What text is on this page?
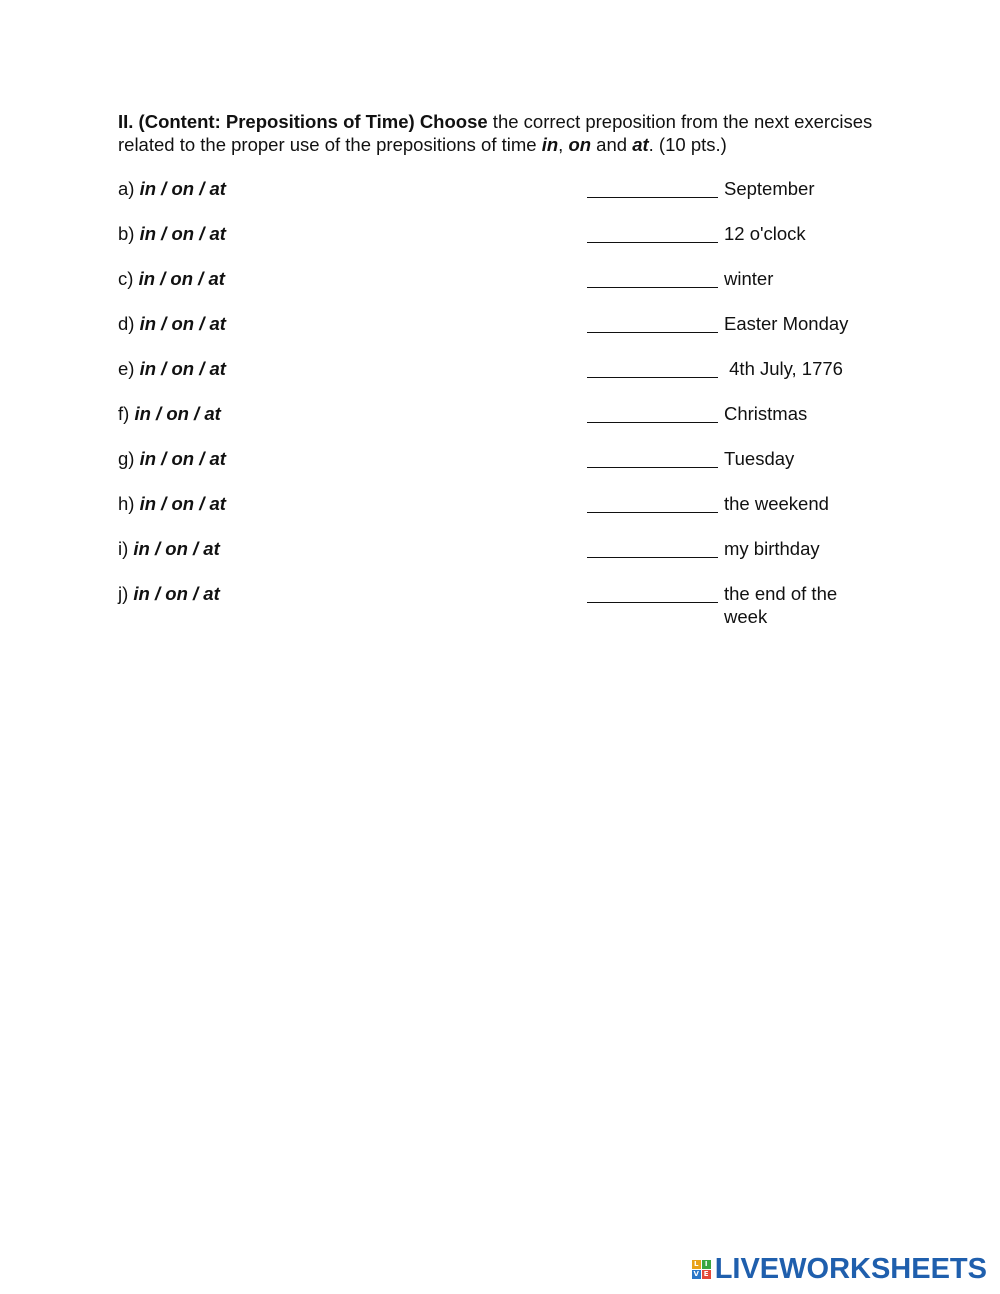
II. (Content: Prepositions of Time) Choose the correct preposition from the next exercises related to the proper use of the prepositions of time in, on and at. (10 pts.)
a) in / on / at	September
b) in / on / at	12 o'clock
c) in / on / at	winter
d) in / on / at	Easter Monday
e) in / on / at	4th July, 1776
f) in / on / at	Christmas
g) in / on / at	Tuesday
h) in / on / at	the weekend
i) in / on / at	my birthday
j) in / on / at	the end of the week
L I
V E LIVEWORKSHEETS
